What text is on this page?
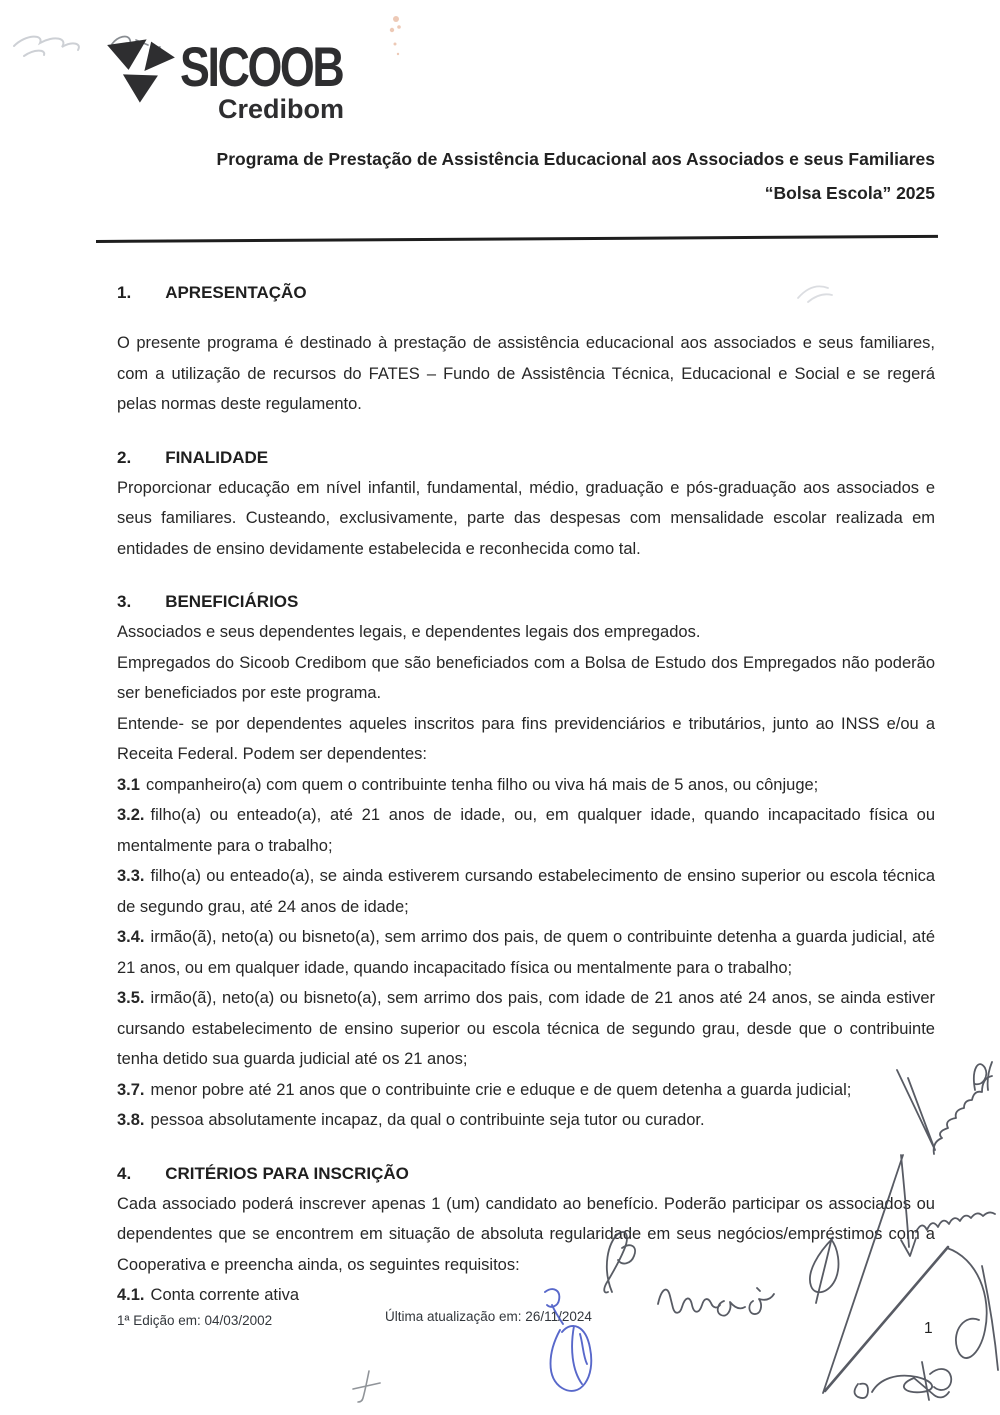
SICOOB
Credibom
Programa de Prestação de Assistência Educacional aos Associados e seus Familiares
“Bolsa Escola” 2025
1. APRESENTAÇÃO

O presente programa é destinado à prestação de assistência educacional aos associados e seus familiares, com a utilização de recursos do FATES – Fundo de Assistência Técnica, Educacional e Social e se regerá pelas normas deste regulamento.

2. FINALIDADE

Proporcionar educação em nível infantil, fundamental, médio, graduação e pós-graduação aos associados e seus familiares. Custeando, exclusivamente, parte das despesas com mensalidade escolar realizada em entidades de ensino devidamente estabelecida e reconhecida como tal.

3. BENEFICIÁRIOS

Associados e seus dependentes legais, e dependentes legais dos empregados.

Empregados do Sicoob Credibom que são beneficiados com a Bolsa de Estudo dos Empregados não poderão ser beneficiados por este programa.

Entende- se por dependentes aqueles inscritos para fins previdenciários e tributários, junto ao INSS e/ou a Receita Federal. Podem ser dependentes:

3.1 companheiro(a) com quem o contribuinte tenha filho ou viva há mais de 5 anos, ou cônjuge;

3.2. filho(a) ou enteado(a), até 21 anos de idade, ou, em qualquer idade, quando incapacitado física ou mentalmente para o trabalho;

3.3. filho(a) ou enteado(a), se ainda estiverem cursando estabelecimento de ensino superior ou escola técnica de segundo grau, até 24 anos de idade;

3.4. irmão(ã), neto(a) ou bisneto(a), sem arrimo dos pais, de quem o contribuinte detenha a guarda judicial, até 21 anos, ou em qualquer idade, quando incapacitado física ou mentalmente para o trabalho;

3.5. irmão(ã), neto(a) ou bisneto(a), sem arrimo dos pais, com idade de 21 anos até 24 anos, se ainda estiver cursando estabelecimento de ensino superior ou escola técnica de segundo grau, desde que o contribuinte tenha detido sua guarda judicial até os 21 anos;

3.7. menor pobre até 21 anos que o contribuinte crie e eduque e de quem detenha a guarda judicial;

3.8. pessoa absolutamente incapaz, da qual o contribuinte seja tutor ou curador.

4. CRITÉRIOS PARA INSCRIÇÃO

Cada associado poderá inscrever apenas 1 (um) candidato ao benefício. Poderão participar os associados ou dependentes que se encontrem em situação de absoluta regularidade em seus negócios/empréstimos com a Cooperativa e preencha ainda, os seguintes requisitos:

4.1. Conta corrente ativa

1ª Edição em: 04/03/2002	Última atualização em: 26/11/2024
1
